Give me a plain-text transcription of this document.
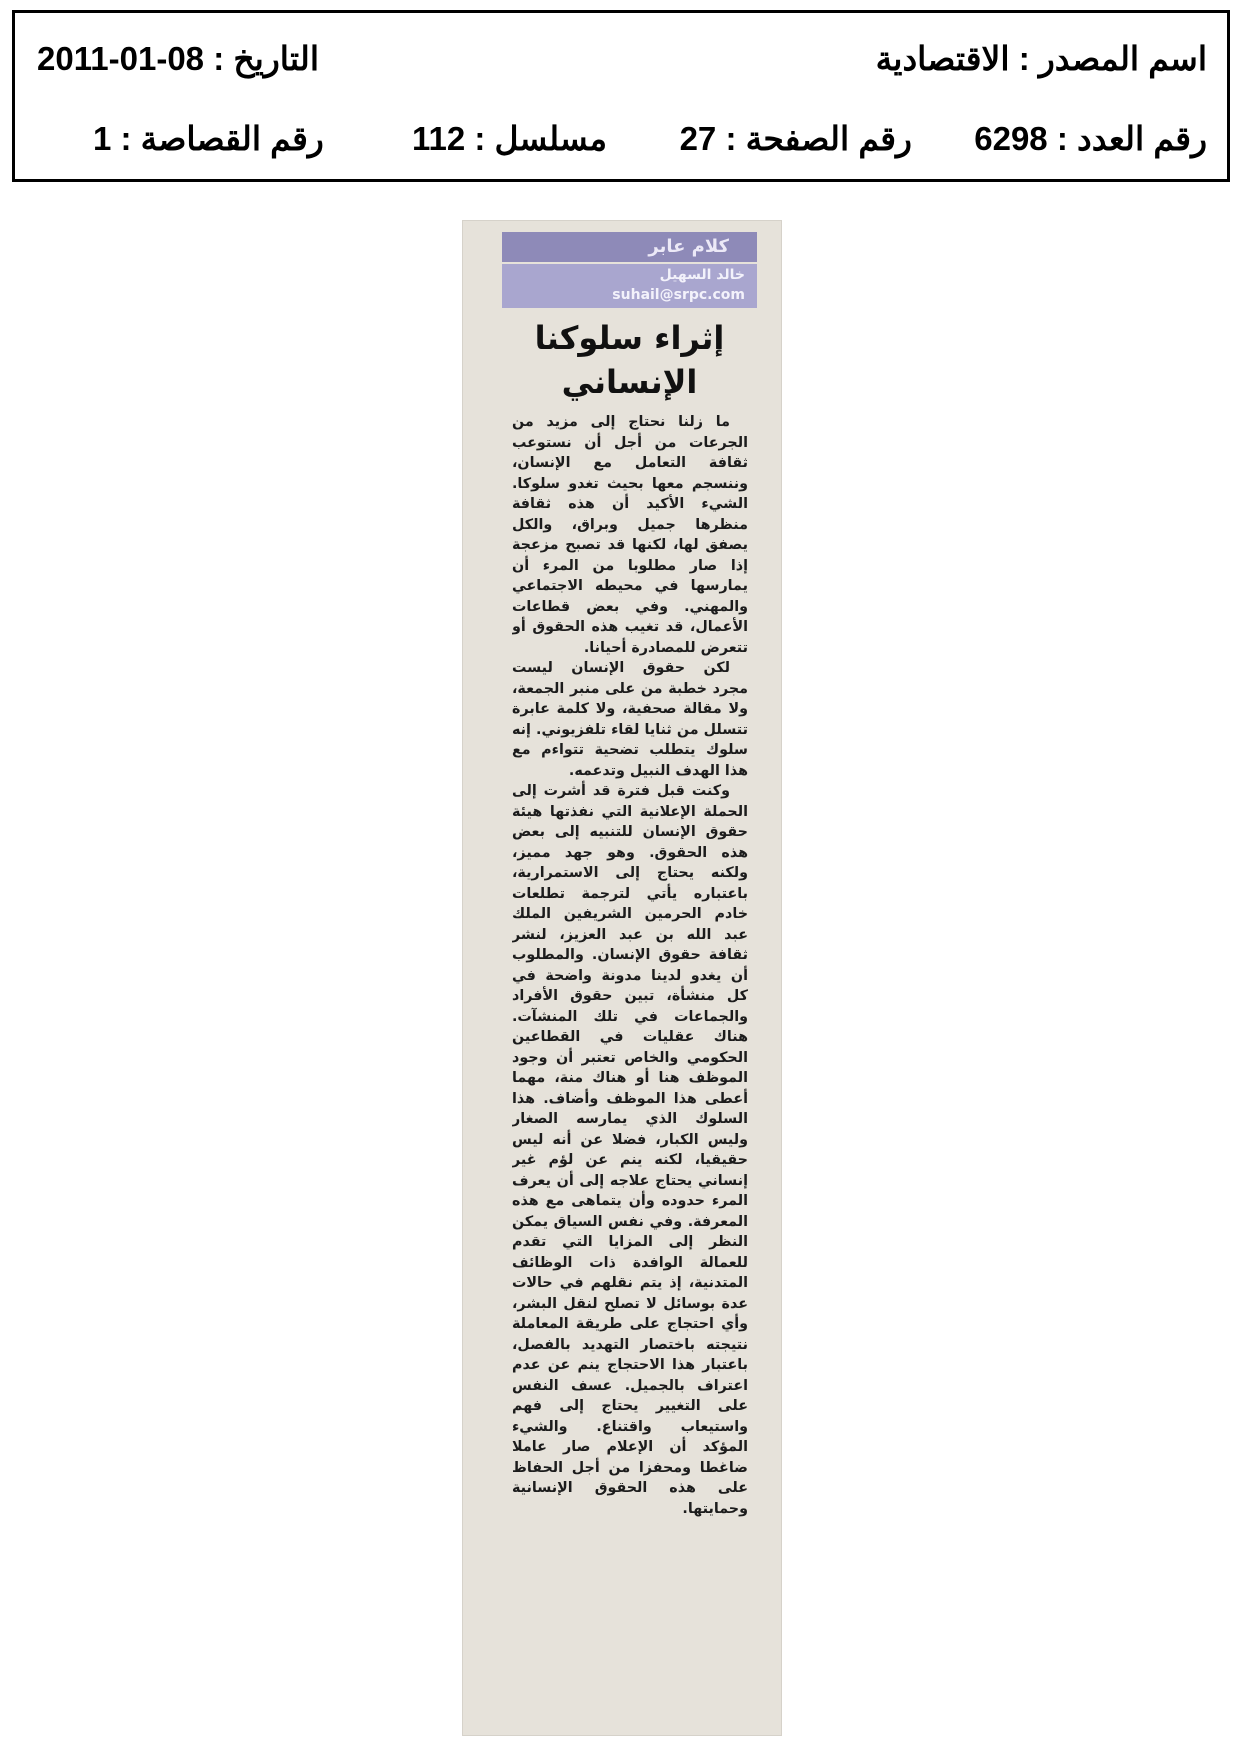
اسم المصدر : الاقتصادية
التاريخ : 08-01-2011
رقم العدد : 6298
رقم الصفحة : 27
مسلسل : 112
رقم القصاصة : 1
كلام عابر
خالد السهيل
suhail@srpc.com
إثراء سلوكنا
الإنساني

ما زلنا نحتاج إلى مزيد من الجرعات من أجل أن نستوعب ثقافة التعامل مع الإنسان، وننسجم معها بحيث تغدو سلوكا. الشيء الأكيد أن هذه ثقافة منظرها جميل وبراق، والكل يصفق لها، لكنها قد تصبح مزعجة إذا صار مطلوبا من المرء أن يمارسها في محيطه الاجتماعي والمهني. وفي بعض قطاعات الأعمال، قد تغيب هذه الحقوق أو تتعرض للمصادرة أحيانا.

لكن حقوق الإنسان ليست مجرد خطبة من على منبر الجمعة، ولا مقالة صحفية، ولا كلمة عابرة تتسلل من ثنايا لقاء تلفزيوني. إنه سلوك يتطلب تضحية تتواءم مع هذا الهدف النبيل وتدعمه.

وكنت قبل فترة قد أشرت إلى الحملة الإعلانية التي نفذتها هيئة حقوق الإنسان للتنبيه إلى بعض هذه الحقوق. وهو جهد مميز، ولكنه يحتاج إلى الاستمرارية، باعتباره يأتي لترجمة تطلعات خادم الحرمين الشريفين الملك عبد الله بن عبد العزيز، لنشر ثقافة حقوق الإنسان. والمطلوب أن يغدو لدينا مدونة واضحة في كل منشأة، تبين حقوق الأفراد والجماعات في تلك المنشآت. هناك عقليات في القطاعين الحكومي والخاص تعتبر أن وجود الموظف هنا أو هناك منة، مهما أعطى هذا الموظف وأضاف. هذا السلوك الذي يمارسه الصغار وليس الكبار، فضلا عن أنه ليس حقيقيا، لكنه ينم عن لؤم غير إنساني يحتاج علاجه إلى أن يعرف المرء حدوده وأن يتماهى مع هذه المعرفة. وفي نفس السياق يمكن النظر إلى المزايا التي تقدم للعمالة الوافدة ذات الوظائف المتدنية، إذ يتم نقلهم في حالات عدة بوسائل لا تصلح لنقل البشر، وأي احتجاج على طريقة المعاملة نتيجته باختصار التهديد بالفصل، باعتبار هذا الاحتجاج ينم عن عدم اعتراف بالجميل. عسف النفس على التغيير يحتاج إلى فهم واستيعاب واقتناع. والشيء المؤكد أن الإعلام صار عاملا ضاغطا ومحفزا من أجل الحفاظ على هذه الحقوق الإنسانية وحمايتها.
